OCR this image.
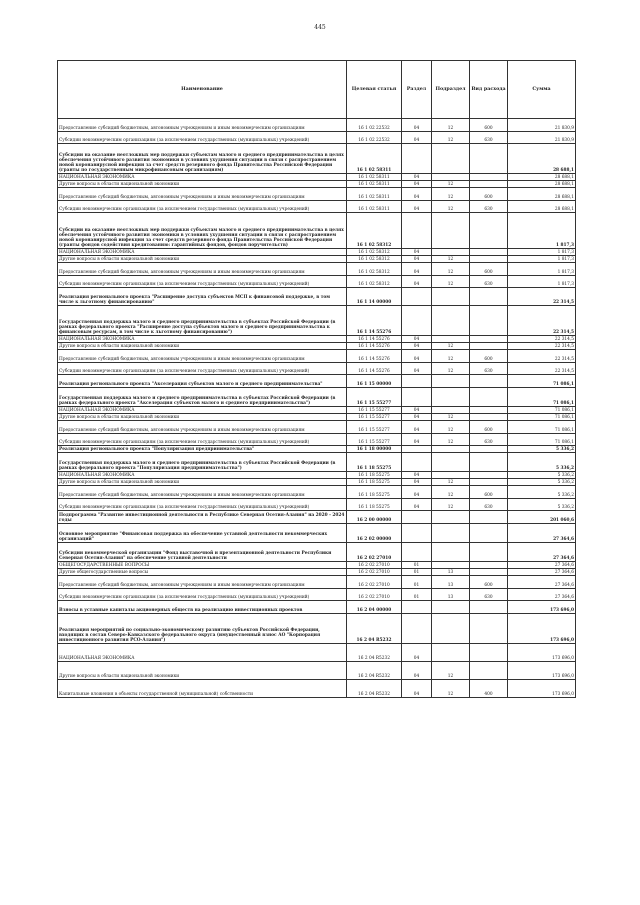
445
Наименование	Целевая статья	Раздел	Подраздел	Вид расхода	Сумма
Предоставление субсидий бюджетным, автономным учреждениям и иным некоммерческим организациям	16 1 02 22532	04	12	600	21 830,9
Субсидии некоммерческим организациям (за исключением государственных (муниципальных) учреждений)	16 1 02 22532	04	12	630	21 830,9
Субсидии на оказание неотложных мер поддержки субъектам малого и среднего предпринимательства в целях обеспечения устойчивого развития экономики в условиях ухудшения ситуации в связи с распространением новой коронавирусной инфекции за счет средств резервного фонда Правительства Российской Федерации (гранты по государственным микрофинансовым организациям)	16 1 02 58311				28 688,1
НАЦИОНАЛЬНАЯ ЭКОНОМИКА	16 1 02 58311	04			28 688,1
Другие вопросы в области национальной экономики	16 1 02 58311	04	12		28 688,1
Предоставление субсидий бюджетным, автономным учреждениям и иным некоммерческим организациям	16 1 02 58311	04	12	600	28 688,1
Субсидии некоммерческим организациям (за исключением государственных (муниципальных) учреждений)	16 1 02 58311	04	12	630	28 688,1
Субсидии на оказание неотложных мер поддержки субъектам малого и среднего предпринимательства в целях обеспечения устойчивого развития экономики в условиях ухудшения ситуации в связи с распространением новой коронавирусной инфекции за счет средств резервного фонда Правительства Российской Федерации (гранты фондов содействия кредитованию: гарантийных фондов, фондов поручительств)	16 1 02 58312				1 817,3
НАЦИОНАЛЬНАЯ ЭКОНОМИКА	16 1 02 58312	04			1 817,3
Другие вопросы в области национальной экономики	16 1 02 58312	04	12		1 817,3
Предоставление субсидий бюджетным, автономным учреждениям и иным некоммерческим организациям	16 1 02 58312	04	12	600	1 817,3
Субсидии некоммерческим организациям (за исключением государственных (муниципальных) учреждений)	16 1 02 58312	04	12	630	1 817,3
Реализация регионального проекта "Расширение доступа субъектов МСП к финансовой поддержке, в том числе к льготному финансированию"	16 1 14 00000				22 314,5
Государственная поддержка малого и среднего предпринимательства в субъектах Российской Федерации (в рамках федерального проекта "Расширение доступа субъектов малого и среднего предпринимательства к финансовым ресурсам, в том числе к льготному финансированию")	16 1 14 55276				22 314,5
НАЦИОНАЛЬНАЯ ЭКОНОМИКА	16 1 14 55276	04			22 314,5
Другие вопросы в области национальной экономики	16 1 14 55276	04	12		22 314,5
Предоставление субсидий бюджетным, автономным учреждениям и иным некоммерческим организациям	16 1 14 55276	04	12	600	22 314,5
Субсидии некоммерческим организациям (за исключением государственных (муниципальных) учреждений)	16 1 14 55276	04	12	630	22 314,5
Реализация регионального проекта "Акселерация субъектов малого и среднего предпринимательства"	16 1 15 00000				71 086,1
Государственная поддержка малого и среднего предпринимательства в субъектах Российской Федерации (в рамках федерального проекта "Акселерация субъектов малого и среднего предпринимательства")	16 1 15 55277				71 086,1
НАЦИОНАЛЬНАЯ ЭКОНОМИКА	16 1 15 55277	04			71 086,1
Другие вопросы в области национальной экономики	16 1 15 55277	04	12		71 086,1
Предоставление субсидий бюджетным, автономным учреждениям и иным некоммерческим организациям	16 1 15 55277	04	12	600	71 086,1
Субсидии некоммерческим организациям (за исключением государственных (муниципальных) учреждений)	16 1 15 55277	04	12	630	71 086,1
Реализация регионального проекта "Популяризация предпринимательства"	16 1 18 00000				5 336,2
Государственная поддержка малого и среднего предпринимательства в субъектах Российской Федерации (в рамках федерального проекта "Популяризация предпринимательства")	16 1 18 55275				5 336,2
НАЦИОНАЛЬНАЯ ЭКОНОМИКА	16 1 18 55275	04			5 336,2
Другие вопросы в области национальной экономики	16 1 18 55275	04	12		5 336,2
Предоставление субсидий бюджетным, автономным учреждениям и иным некоммерческим организациям	16 1 18 55275	04	12	600	5 336,2
Субсидии некоммерческим организациям (за исключением государственных (муниципальных) учреждений)	16 1 18 55275	04	12	630	5 336,2
Подпрограмма "Развитие инвестиционной деятельности в Республике Северная Осетия-Алания" на 2020 - 2024 годы	16 2 00 00000				201 060,6
Основное мероприятие "Финансовая поддержка на обеспечение уставной деятельности некоммерческих организаций"	16 2 02 00000				27 364,6
Субсидии некоммерческой организации "Фонд выставочной и презентационной деятельности Республики Северная Осетия-Алания" на обеспечение уставной деятельности	16 2 02 27010				27 364,6
ОБЩЕГОСУДАРСТВЕННЫЕ ВОПРОСЫ	16 2 02 27010	01			27 364,6
Другие общегосударственные вопросы	16 2 02 27010	01	13		27 364,6
Предоставление субсидий бюджетным, автономным учреждениям и иным некоммерческим организациям	16 2 02 27010	01	13	600	27 364,6
Субсидии некоммерческим организациям (за исключением государственных (муниципальных) учреждений)	16 2 02 27010	01	13	630	27 364,6
Взносы в уставные капиталы акционерных обществ на реализацию инвестиционных проектов	16 2 04 00000				173 696,0
Реализация мероприятий по социально-экономическому развитию субъектов Российской Федерации, входящих в состав Северо-Кавказского федерального округа (имущественный взнос АО "Корпорация инвестиционного развития РСО-Алания")	16 2 04 R5232				173 696,0
НАЦИОНАЛЬНАЯ ЭКОНОМИКА	16 2 04 R5232	04			173 696,0
Другие вопросы в области национальной экономики	16 2 04 R5232	04	12		173 696,0
Капитальные вложения в объекты государственной (муниципальной) собственности	16 2 04 R5232	04	12	400	173 696,0
